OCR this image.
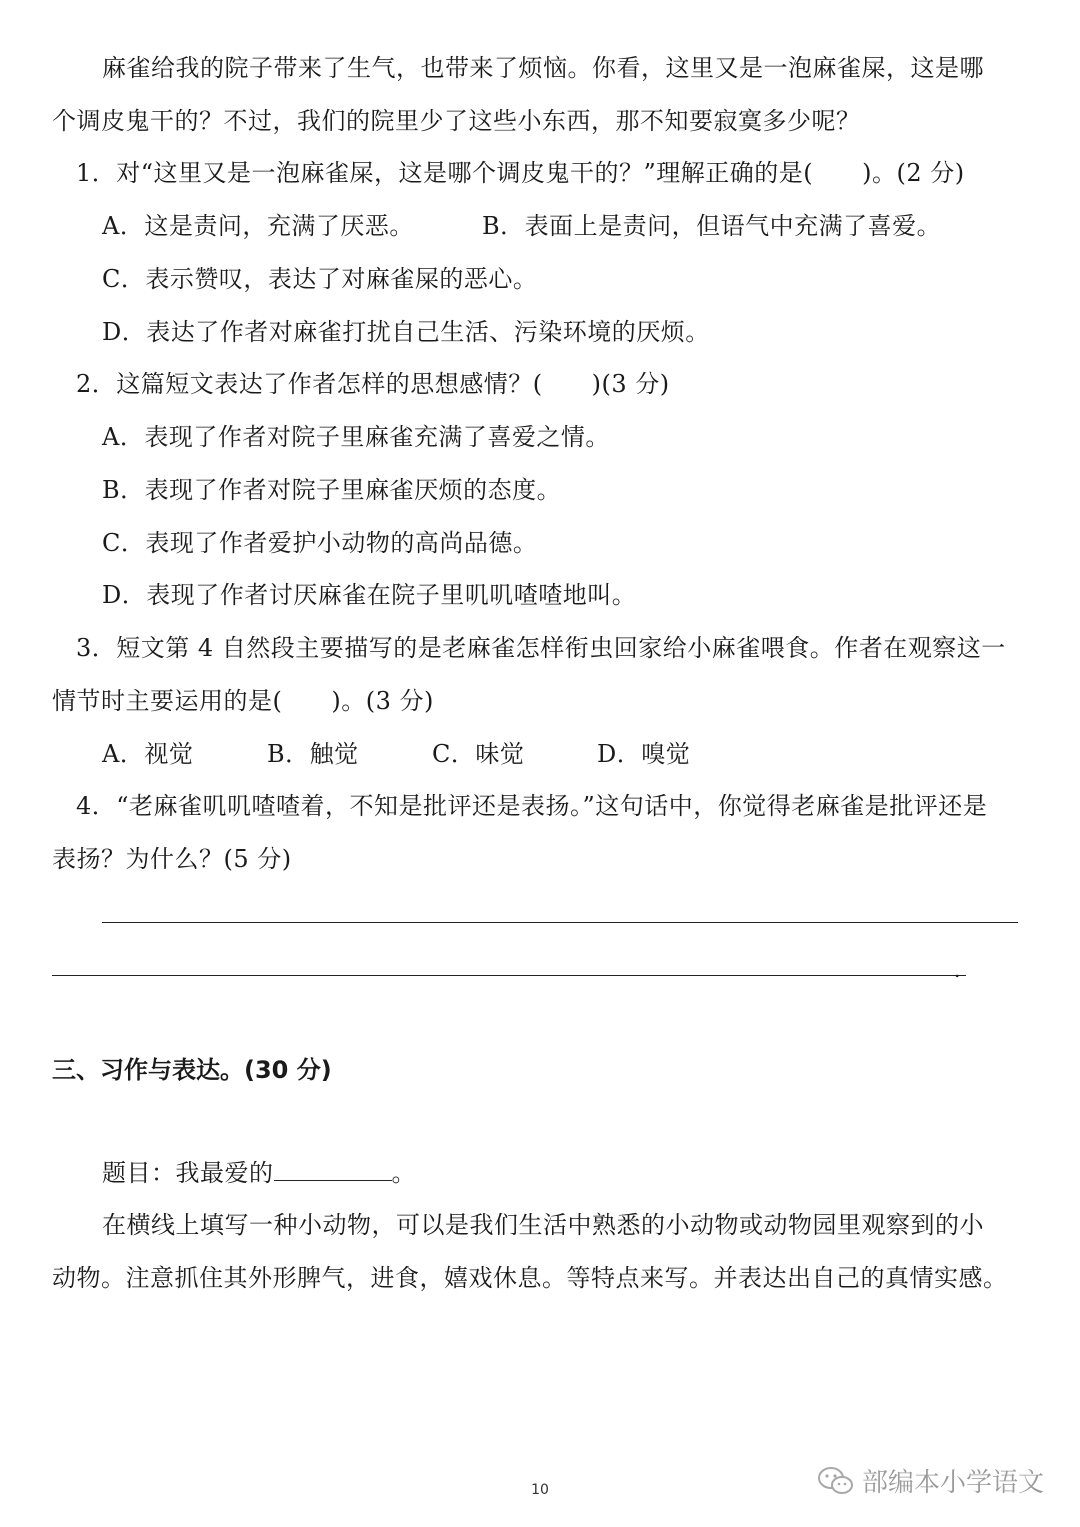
麻雀给我的院子带来了生气，也带来了烦恼。你看，这里又是一泡麻雀屎，这是哪
个调皮鬼干的？不过，我们的院里少了这些小东西，那不知要寂寞多少呢？
1．对“这里又是一泡麻雀屎，这是哪个调皮鬼干的？”理解正确的是(　　)。(2 分)
A．这是责问，充满了厌恶。	B．表面上是责问，但语气中充满了喜爱。
C．表示赞叹，表达了对麻雀屎的恶心。
D．表达了作者对麻雀打扰自己生活、污染环境的厌烦。
2．这篇短文表达了作者怎样的思想感情？(　　)(3 分)
A．表现了作者对院子里麻雀充满了喜爱之情。
B．表现了作者对院子里麻雀厌烦的态度。
C．表现了作者爱护小动物的高尚品德。
D．表现了作者讨厌麻雀在院子里叽叽喳喳地叫。
3．短文第 4 自然段主要描写的是老麻雀怎样衔虫回家给小麻雀喂食。作者在观察这一
情节时主要运用的是(　　)。(3 分)
A．视觉	B．触觉	C．味觉	D．嗅觉
4．“老麻雀叽叽喳喳着，不知是批评还是表扬。”这句话中，你觉得老麻雀是批评还是
表扬？为什么？(5 分)
.
三、习作与表达。(30 分)
题目：我最爱的	。
在横线上填写一种小动物，可以是我们生活中熟悉的小动物或动物园里观察到的小
动物。注意抓住其外形脾气，进食，嬉戏休息。等特点来写。并表达出自己的真情实感。
10	部编本小学语文
